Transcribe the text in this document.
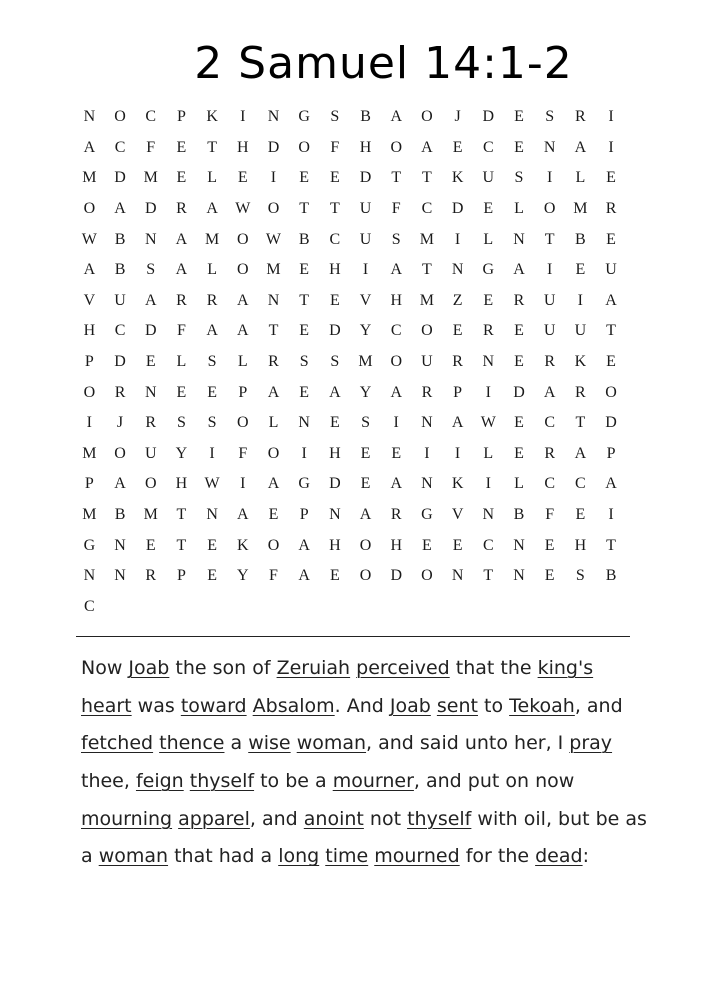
2 Samuel 14:1-2
N	O	C	P	K	I	N	G	S	B	A	O	J	D	E	S	R	I
A	C	F	E	T	H	D	O	F	H	O	A	E	C	E	N	A	I
M	D	M	E	L	E	I	E	E	D	T	T	K	U	S	I	L	E
O	A	D	R	A	W	O	T	T	U	F	C	D	E	L	O	M	R
W	B	N	A	M	O	W	B	C	U	S	M	I	L	N	T	B	E
A	B	S	A	L	O	M	E	H	I	A	T	N	G	A	I	E	U
V	U	A	R	R	A	N	T	E	V	H	M	Z	E	R	U	I	A
H	C	D	F	A	A	T	E	D	Y	C	O	E	R	E	U	U	T
P	D	E	L	S	L	R	S	S	M	O	U	R	N	E	R	K	E
O	R	N	E	E	P	A	E	A	Y	A	R	P	I	D	A	R	O
I	J	R	S	S	O	L	N	E	S	I	N	A	W	E	C	T	D
M	O	U	Y	I	F	O	I	H	E	E	I	I	L	E	R	A	P
P	A	O	H	W	I	A	G	D	E	A	N	K	I	L	C	C	A
M	B	M	T	N	A	E	P	N	A	R	G	V	N	B	F	E	I
G	N	E	T	E	K	O	A	H	O	H	E	E	C	N	E	H	T
N	N	R	P	E	Y	F	A	E	O	D	O	N	T	N	E	S	B
C
Now Joab the son of Zeruiah perceived that the king's
heart was toward Absalom. And Joab sent to Tekoah, and
fetched thence a wise woman, and said unto her, I pray
thee, feign thyself to be a mourner, and put on now
mourning apparel, and anoint not thyself with oil, but be as
a woman that had a long time mourned for the dead:
